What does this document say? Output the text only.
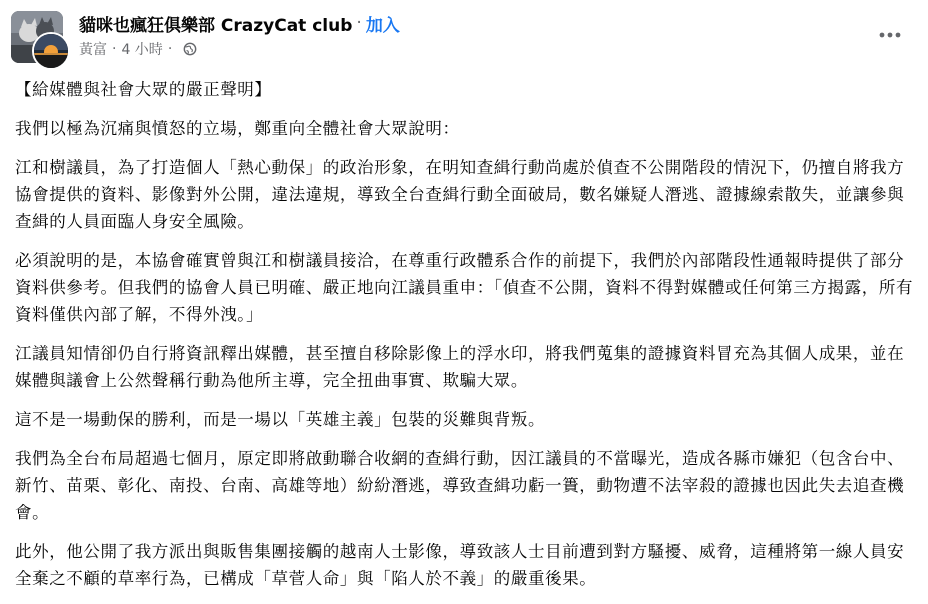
貓咪也瘋狂俱樂部 CrazyCat club · 加入
黃富 · 4 小時 ·

【給媒體與社會大眾的嚴正聲明】

我們以極為沉痛與憤怒的立場，鄭重向全體社會大眾說明：

江和樹議員，為了打造個人「熱心動保」的政治形象，在明知查緝行動尚處於偵查不公開階段的情況下，仍擅自將我方協會提供的資料、影像對外公開，違法違規，導致全台查緝行動全面破局，數名嫌疑人潛逃、證據線索散失，並讓參與查緝的人員面臨人身安全風險。

必須說明的是，本協會確實曾與江和樹議員接洽，在尊重行政體系合作的前提下，我們於內部階段性通報時提供了部分資料供參考。但我們的協會人員已明確、嚴正地向江議員重申：「偵查不公開，資料不得對媒體或任何第三方揭露，所有資料僅供內部了解，不得外洩。」

江議員知情卻仍自行將資訊釋出媒體，甚至擅自移除影像上的浮水印，將我們蒐集的證據資料冒充為其個人成果，並在媒體與議會上公然聲稱行動為他所主導，完全扭曲事實、欺騙大眾。

這不是一場動保的勝利，而是一場以「英雄主義」包裝的災難與背叛。

我們為全台布局超過七個月，原定即將啟動聯合收網的查緝行動，因江議員的不當曝光，造成各縣市嫌犯（包含台中、新竹、苗栗、彰化、南投、台南、高雄等地）紛紛潛逃，導致查緝功虧一簣，動物遭不法宰殺的證據也因此失去追查機會。

此外，他公開了我方派出與販售集團接觸的越南人士影像，導致該人士目前遭到對方騷擾、威脅，這種將第一線人員安全棄之不顧的草率行為，已構成「草菅人命」與「陷人於不義」的嚴重後果。
